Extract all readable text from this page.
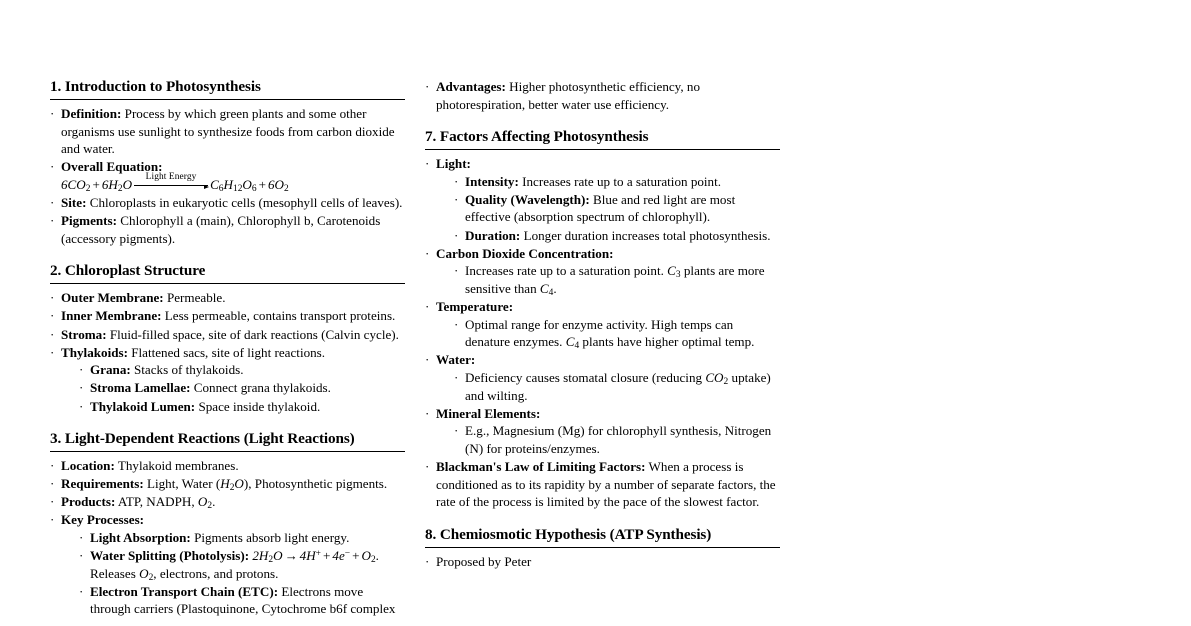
1. Introduction to Photosynthesis
· Definition: Process by which green plants and some other organisms use sunlight to synthesize foods from carbon dioxide and water.
· Overall Equation:
$6CO_2 + 6H_2O$	Light Energy	$C_6H_{12}O_6 + 6O_2$
· Site: Chloroplasts in eukaryotic cells (mesophyll cells of leaves).
· Pigments: Chlorophyll a (main), Chlorophyll b, Carotenoids (accessory pigments).
2. Chloroplast Structure
· Outer Membrane: Permeable.
· Inner Membrane: Less permeable, contains transport proteins.
· Stroma: Fluid-filled space, site of dark reactions (Calvin cycle).
· Thylakoids: Flattened sacs, site of light reactions.
· Grana: Stacks of thylakoids.
· Stroma Lamellae: Connect grana thylakoids.
· Thylakoid Lumen: Space inside thylakoid.
3. Light-Dependent Reactions (Light Reactions)
· Location: Thylakoid membranes.
· Requirements: Light, Water $(H_2O)$, Photosynthetic pigments.
· Products: ATP, NADPH, $O_2$.
· Key Processes:
· Light Absorption: Pigments absorb light energy.
· Water Splitting (Photolysis): $2H_2O \to 4H^+ + 4e^- + O_2$. Releases $O_2$, electrons, and protons.
· Electron Transport Chain (ETC): Electrons move through carriers (Plastoquinone, Cytochrome b6f complex
· Advantages: Higher photosynthetic efficiency, no photorespiration, better water use efficiency.
7. Factors Affecting Photosynthesis
· Light:
· Intensity: Increases rate up to a saturation point.
· Quality (Wavelength): Blue and red light are most effective (absorption spectrum of chlorophyll).
· Duration: Longer duration increases total photosynthesis.
· Carbon Dioxide Concentration:
· Increases rate up to a saturation point. $C_3$ plants are more sensitive than $C_4$.
· Temperature:
· Optimal range for enzyme activity. High temps can denature enzymes. $C_4$ plants have higher optimal temp.
· Water:
· Deficiency causes stomatal closure (reducing $CO_2$ uptake) and wilting.
· Mineral Elements:
· E.g., Magnesium (Mg) for chlorophyll synthesis, Nitrogen (N) for proteins/enzymes.
· Blackman's Law of Limiting Factors: When a process is conditioned as to its rapidity by a number of separate factors, the rate of the process is limited by the pace of the slowest factor.
8. Chemiosmotic Hypothesis (ATP Synthesis)
· Proposed by Peter
